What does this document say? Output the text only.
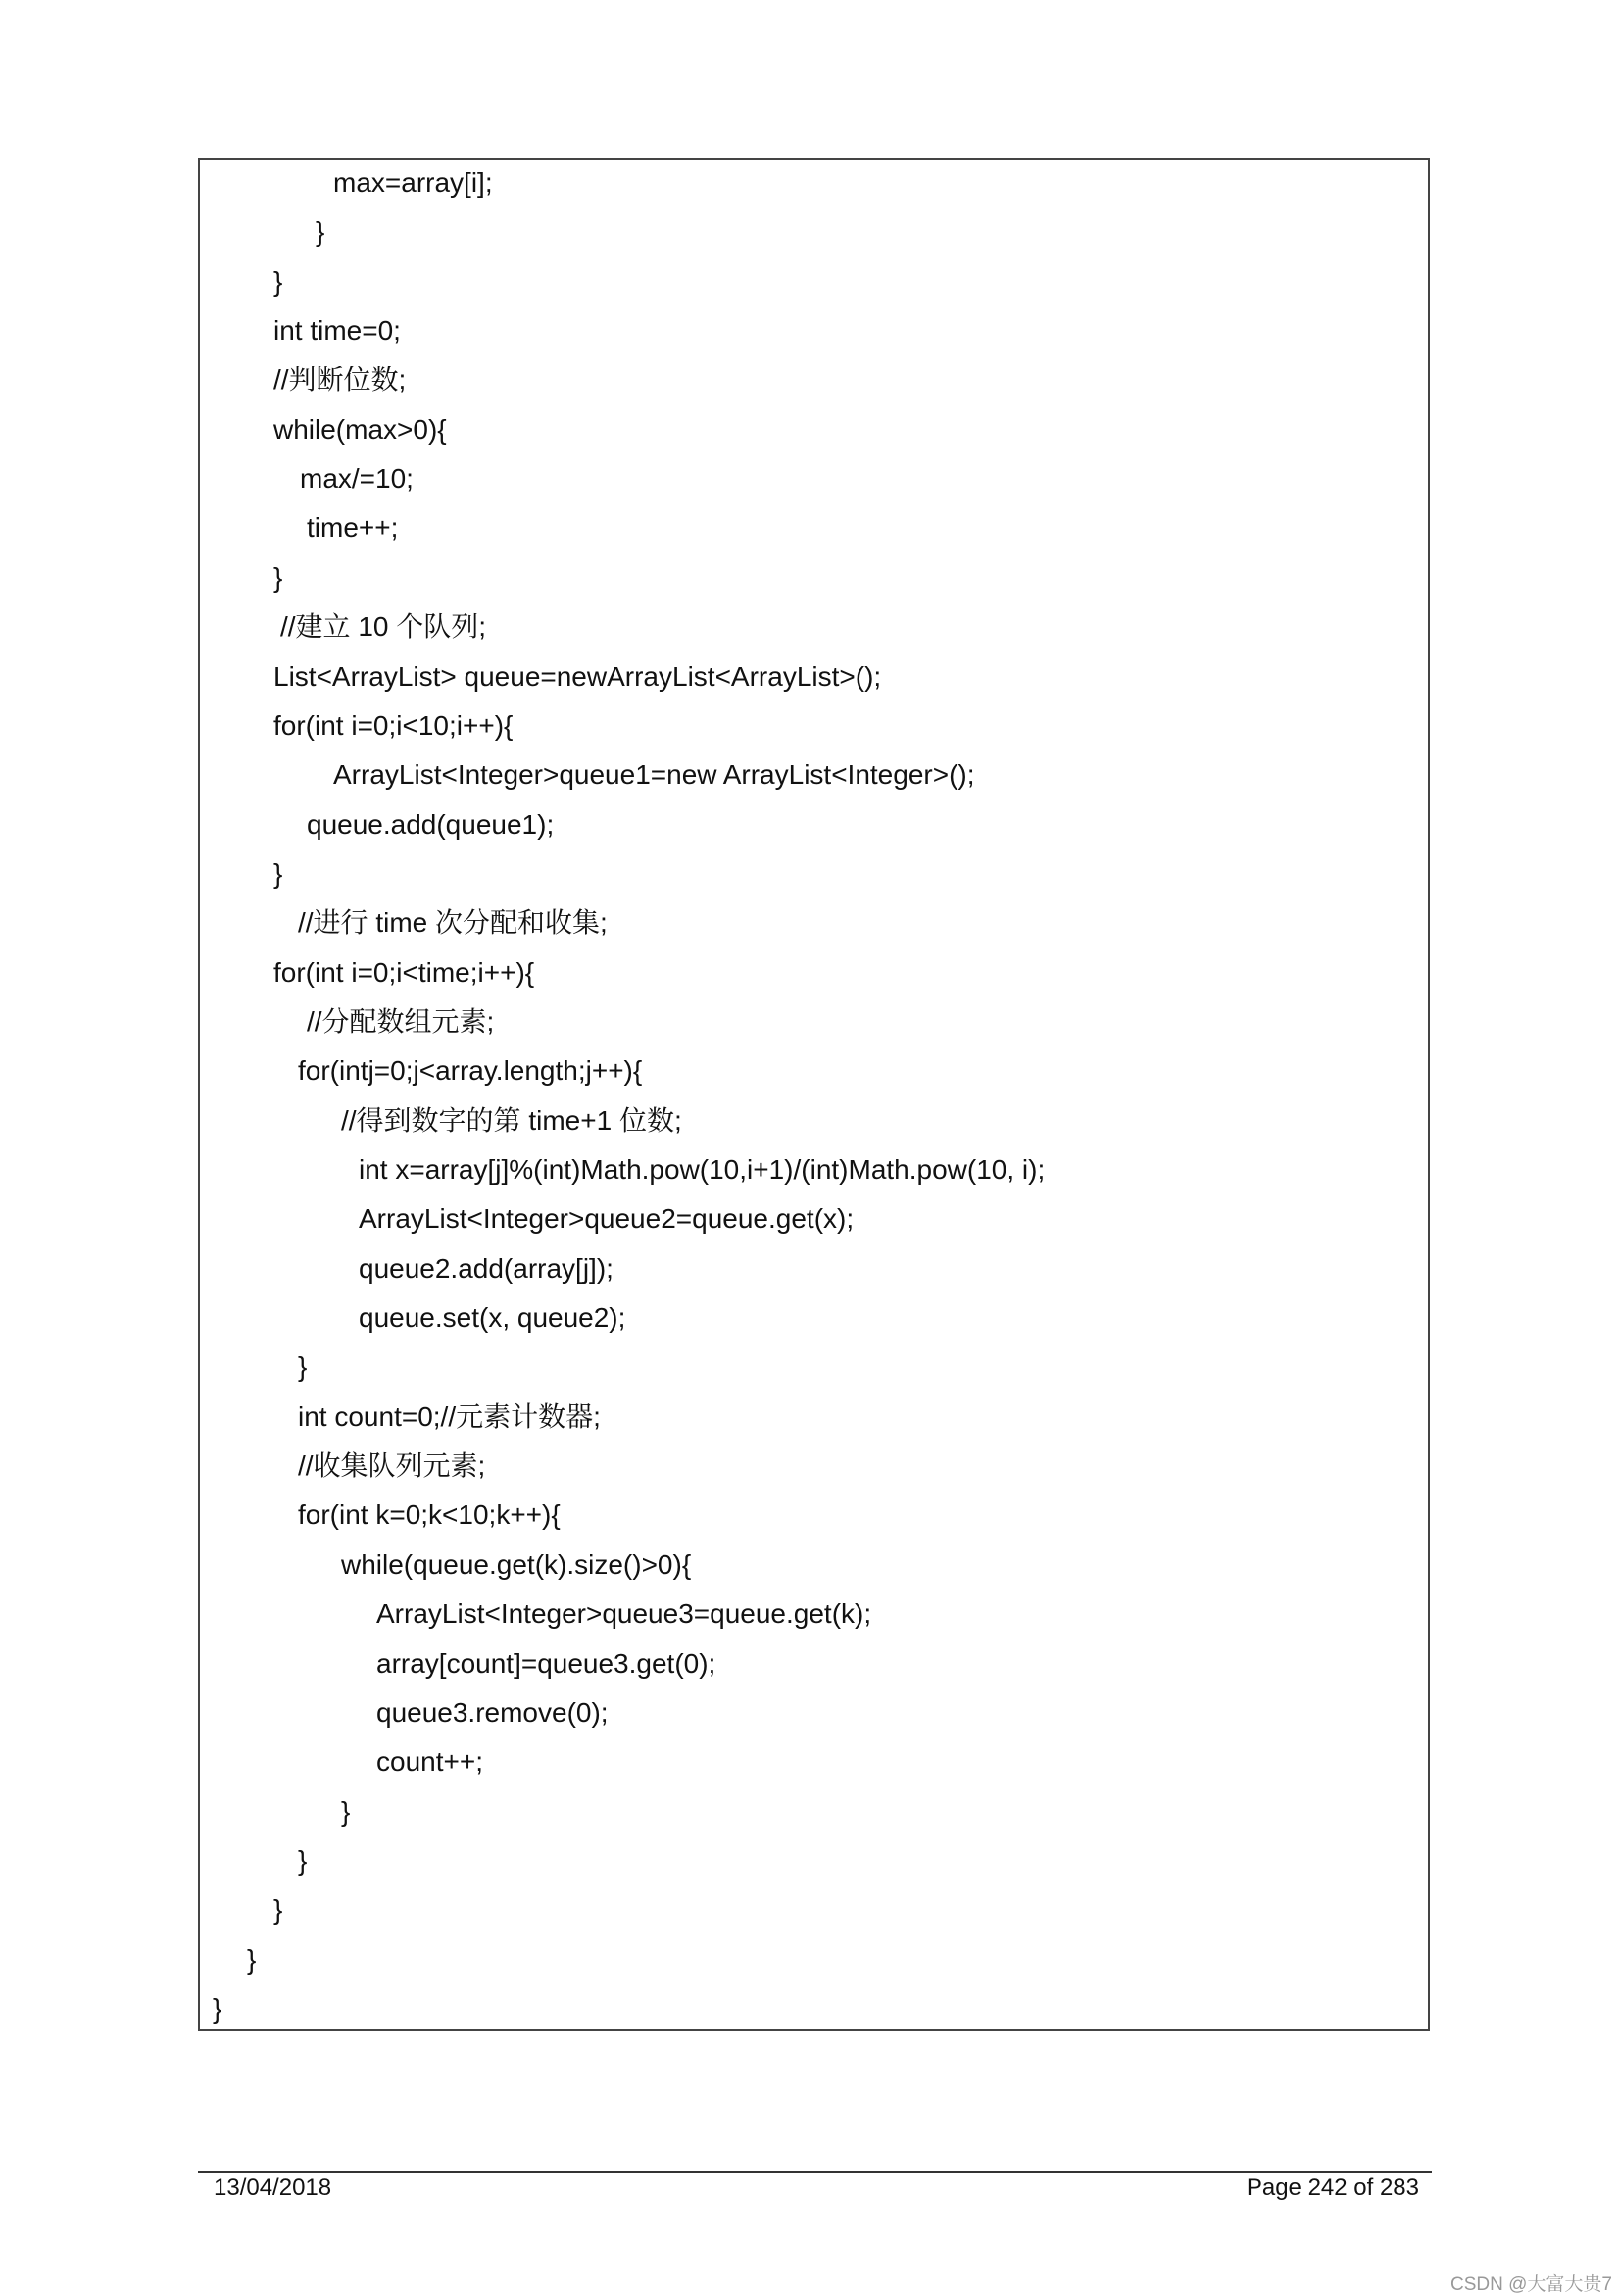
max=array[i];
}
}
int time=0;
//判断位数;
while(max>0){
max/=10;
time++;
}
//建立 10 个队列;
List<ArrayList> queue=newArrayList<ArrayList>();
for(int i=0;i<10;i++){
ArrayList<Integer>queue1=new ArrayList<Integer>();
queue.add(queue1);
}
//进行 time 次分配和收集;
for(int i=0;i<time;i++){
//分配数组元素;
for(intj=0;j<array.length;j++){
//得到数字的第 time+1 位数;
int x=array[j]%(int)Math.pow(10,i+1)/(int)Math.pow(10, i);
ArrayList<Integer>queue2=queue.get(x);
queue2.add(array[j]);
queue.set(x, queue2);
}
int count=0;//元素计数器;
//收集队列元素;
for(int k=0;k<10;k++){
while(queue.get(k).size()>0){
ArrayList<Integer>queue3=queue.get(k);
array[count]=queue3.get(0);
queue3.remove(0);
count++;
}
}
}
}
}
13/04/2018	Page 242 of 283
CSDN @大富大贵7
